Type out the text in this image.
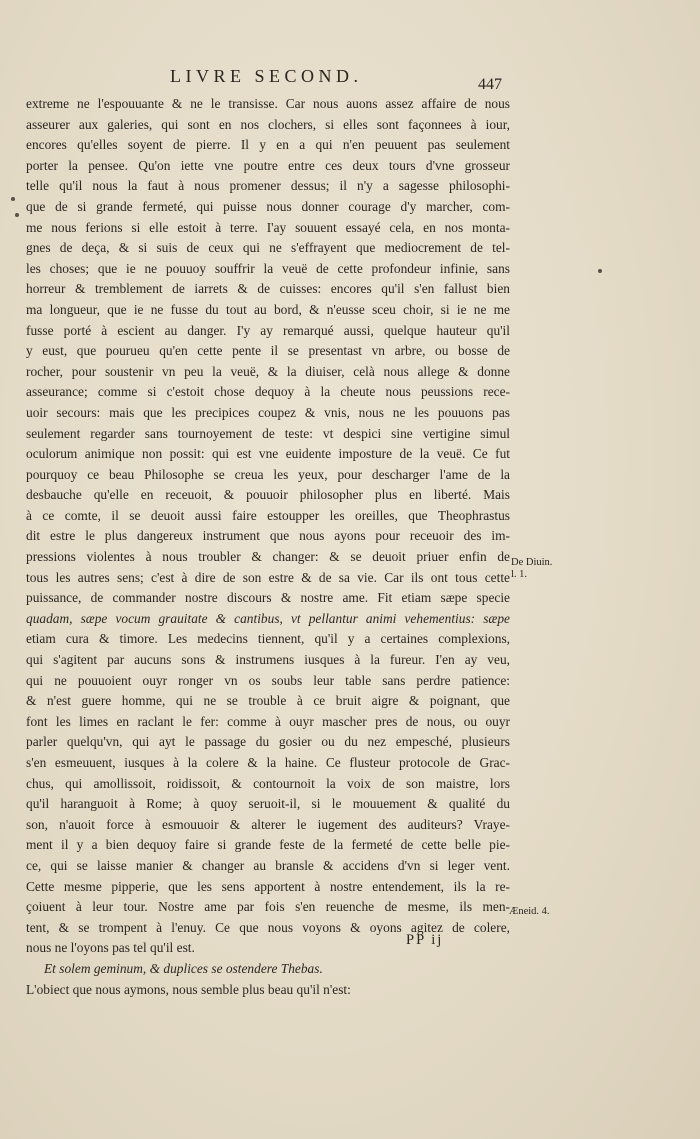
LIVRE SECOND.	447
extreme ne l'espouuante & ne le transisse. Car nous auons assez affaire de nous
asseurer aux galeries, qui sont en nos clochers, si elles sont façonnees à iour,
encores qu'elles soyent de pierre. Il y en a qui n'en peuuent pas seulement
porter la pensee. Qu'on iette vne poutre entre ces deux tours d'vne grosseur
telle qu'il nous la faut à nous promener dessus; il n'y a sagesse philosophi-
que de si grande fermeté, qui puisse nous donner courage d'y marcher, com-
me nous ferions si elle estoit à terre. I'ay souuent essayé cela, en nos monta-
gnes de deça, & si suis de ceux qui ne s'effrayent que mediocrement de tel-
les choses; que ie ne pouuoy souffrir la veuë de cette profondeur infinie, sans
horreur & tremblement de iarrets & de cuisses: encores qu'il s'en fallust bien
ma longueur, que ie ne fusse du tout au bord, & n'eusse sceu choir, si ie ne me
fusse porté à escient au danger. I'y ay remarqué aussi, quelque hauteur qu'il
y eust, que pourueu qu'en cette pente il se presentast vn arbre, ou bosse de
rocher, pour soustenir vn peu la veuë, & la diuiser, celà nous allege & donne
asseurance; comme si c'estoit chose dequoy à la cheute nous peussions rece-
uoir secours: mais que les precipices coupez & vnis, nous ne les pouuons pas
seulement regarder sans tournoyement de teste: vt despici sine vertigine simul
oculorum animique non possit: qui est vne euidente imposture de la veuë. Ce fut
pourquoy ce beau Philosophe se creua les yeux, pour descharger l'ame de la
desbauche qu'elle en receuoit, & pouuoir philosopher plus en liberté. Mais
à ce comte, il se deuoit aussi faire estoupper les oreilles, que Theophrastus
dit estre le plus dangereux instrument que nous ayons pour receuoir des im-
pressions violentes à nous troubler & changer: & se deuoit priuer enfin de
tous les autres sens; c'est à dire de son estre & de sa vie. Car ils ont tous cette
puissance, de commander nostre discours & nostre ame. Fit etiam sæpe specie
quadam, sæpe vocum grauitate & cantibus, vt pellantur animi vehementius: sæpe
etiam cura & timore. Les medecins tiennent, qu'il y a certaines complexions,
qui s'agitent par aucuns sons & instrumens iusques à la fureur. I'en ay veu,
qui ne pouuoient ouyr ronger vn os soubs leur table sans perdre patience:
& n'est guere homme, qui ne se trouble à ce bruit aigre & poignant, que
font les limes en raclant le fer: comme à ouyr mascher pres de nous, ou ouyr
parler quelqu'vn, qui ayt le passage du gosier ou du nez empesché, plusieurs
s'en esmeuuent, iusques à la colere & la haine. Ce flusteur protocole de Grac-
chus, qui amollissoit, roidissoit, & contournoit la voix de son maistre, lors
qu'il haranguoit à Rome; à quoy seruoit-il, si le mouuement & qualité du
son, n'auoit force à esmouuoir & alterer le iugement des auditeurs? Vraye-
ment il y a bien dequoy faire si grande feste de la fermeté de cette belle pie-
ce, qui se laisse manier & changer au bransle & accidens d'vn si leger vent.
Cette mesme pipperie, que les sens apportent à nostre entendement, ils la re-
çoiuent à leur tour. Nostre ame par fois s'en reuenche de mesme, ils men-
tent, & se trompent à l'enuy. Ce que nous voyons & oyons agitez de colere,
nous ne l'oyons pas tel qu'il est.
Et solem geminum, & duplices se ostendere Thebas.
L'obiect que nous aymons, nous semble plus beau qu'il n'est:
De Diuin.
l. 1.
Æneid. 4.
PP ij
